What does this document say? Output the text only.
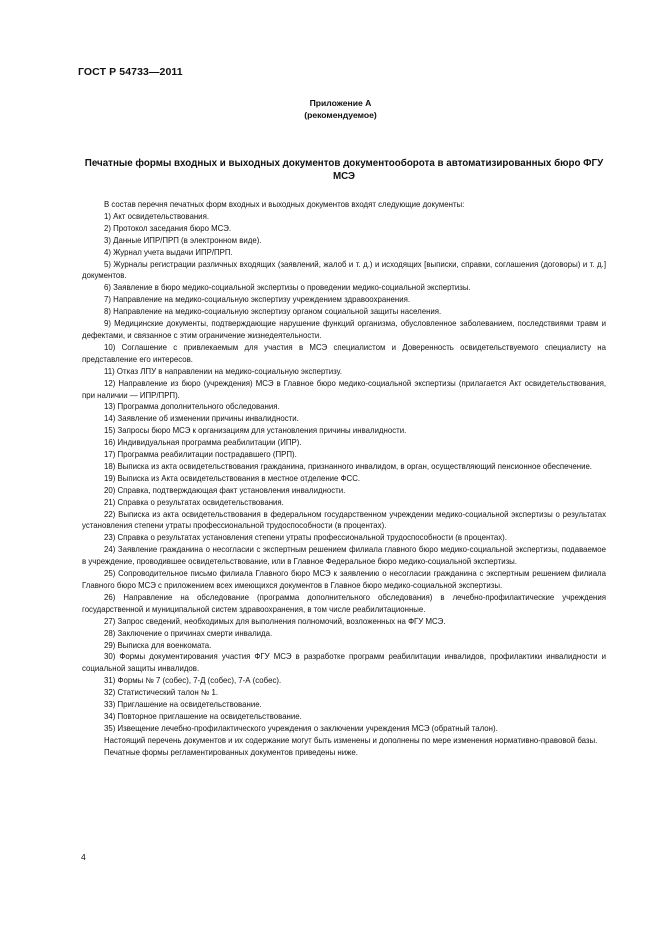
ГОСТ Р 54733—2011
Приложение А
(рекомендуемое)
Печатные формы входных и выходных документов документооборота в автоматизированных бюро ФГУ МСЭ

В состав перечня печатных форм входных и выходных документов входят следующие документы:

1) Акт освидетельствования.

2) Протокол заседания бюро МСЭ.

3) Данные ИПР/ПРП (в электронном виде).

4) Журнал учета выдачи ИПР/ПРП.

5) Журналы регистрации различных входящих (заявлений, жалоб и т. д.) и исходящих [выписки, справки, соглашения (договоры) и т. д.] документов.

6) Заявление в бюро медико-социальной экспертизы о проведении медико-социальной экспертизы.

7) Направление на медико-социальную экспертизу учреждением здравоохранения.

8) Направление на медико-социальную экспертизу органом социальной защиты населения.

9) Медицинские документы, подтверждающие нарушение функций организма, обусловленное заболеванием, последствиями травм и дефектами, и связанное с этим ограничение жизнедеятельности.

10) Соглашение с привлекаемым для участия в МСЭ специалистом и Доверенность освидетельствуемого специалисту на представление его интересов.

11) Отказ ЛПУ в направлении на медико-социальную экспертизу.

12) Направление из бюро (учреждения) МСЭ в Главное бюро медико-социальной экспертизы (прилагается Акт освидетельствования, при наличии — ИПР/ПРП).

13) Программа дополнительного обследования.

14) Заявление об изменении причины инвалидности.

15) Запросы бюро МСЭ к организациям для установления причины инвалидности.

16) Индивидуальная программа реабилитации (ИПР).

17) Программа реабилитации пострадавшего (ПРП).

18) Выписка из акта освидетельствования гражданина, признанного инвалидом, в орган, осуществляющий пенсионное обеспечение.

19) Выписка из Акта освидетельствования в местное отделение ФСС.

20) Справка, подтверждающая факт установления инвалидности.

21) Справка о результатах освидетельствования.

22) Выписка из акта освидетельствования в федеральном государственном учреждении медико-социальной экспертизы о результатах установления степени утраты профессиональной трудоспособности (в процентах).

23) Справка о результатах установления степени утраты профессиональной трудоспособности (в процентах).

24) Заявление гражданина о несогласии с экспертным решением филиала главного бюро медико-социальной экспертизы, подаваемое в учреждение, проводившее освидетельствование, или в Главное Федеральное бюро медико-социальной экспертизы.

25) Сопроводительное письмо филиала Главного бюро МСЭ к заявлению о несогласии гражданина с экспертным решением филиала Главного бюро МСЭ с приложением всех имеющихся документов в Главное бюро медико-социальной экспертизы.

26) Направление на обследование (программа дополнительного обследования) в лечебно-профилактические учреждения государственной и муниципальной систем здравоохранения, в том числе реабилитационные.

27) Запрос сведений, необходимых для выполнения полномочий, возложенных на ФГУ МСЭ.

28) Заключение о причинах смерти инвалида.

29) Выписка для военкомата.

30) Формы документирования участия ФГУ МСЭ в разработке программ реабилитации инвалидов, профилактики инвалидности и социальной защиты инвалидов.

31) Формы № 7 (собес), 7-Д (собес), 7-А (собес).

32) Статистический талон № 1.

33) Приглашение на освидетельствование.

34) Повторное приглашение на освидетельствование.

35) Извещение лечебно-профилактического учреждения о заключении учреждения МСЭ (обратный талон).

Настоящий перечень документов и их содержание могут быть изменены и дополнены по мере изменения нормативно-правовой базы.

Печатные формы регламентированных документов приведены ниже.

4
